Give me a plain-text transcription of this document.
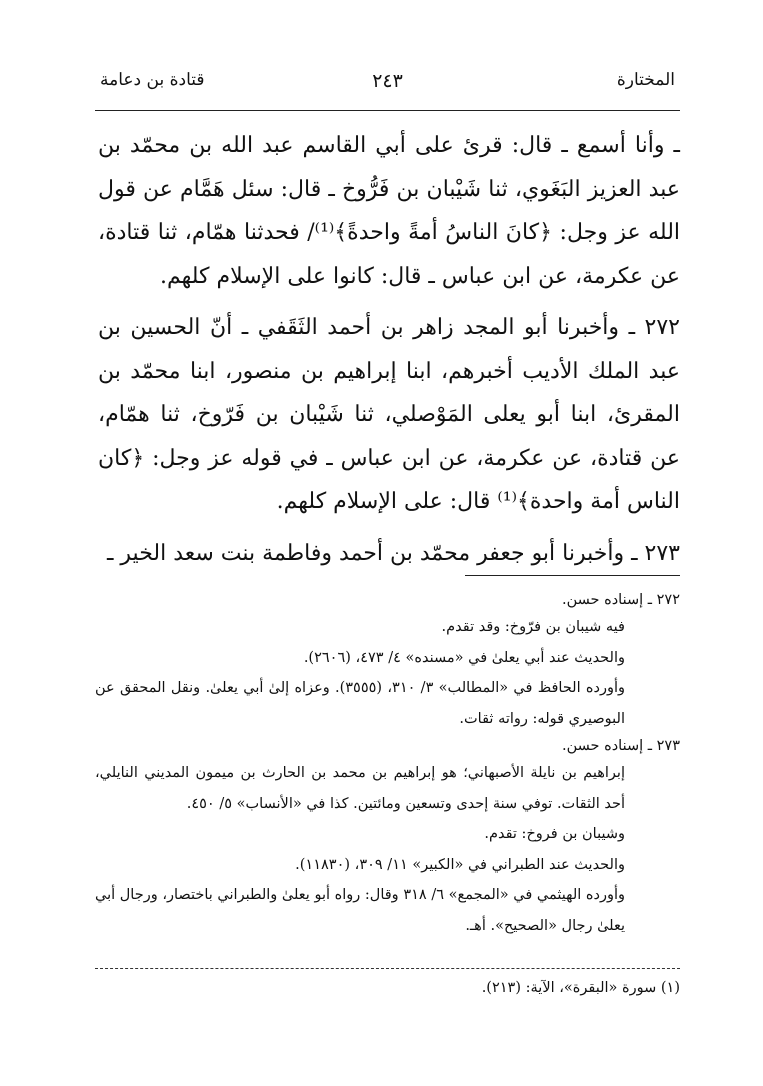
المختارة
٢٤٣
قتادة بن دعامة

ـ وأنا أسمع ـ قال: قرئ على أبي القاسم عبد الله بن محمّد بن عبد العزيز البَغَوي، ثنا شَيْبان بن فَرُّوخ ـ قال: سئل هَمَّام عن قول الله عز وجل: ﴿كانَ الناسُ أمةً واحدةً﴾⁽¹⁾/ فحدثنا همّام، ثنا قتادة، عن عكرمة، عن ابن عباس ـ قال: كانوا على الإسلام كلهم.

٢٧٢ ـ وأخبرنا أبو المجد زاهر بن أحمد الثَقَفي ـ أنّ الحسين بن عبد الملك الأديب أخبرهم، ابنا إبراهيم بن منصور، ابنا محمّد بن المقرئ، ابنا أبو يعلى المَوْصلي، ثنا شَيْبان بن فَرّوخ، ثنا همّام، عن قتادة، عن عكرمة، عن ابن عباس ـ في قوله عز وجل: ﴿كان الناس أمة واحدة﴾⁽¹⁾ قال: على الإسلام كلهم.

٢٧٣ ـ وأخبرنا أبو جعفر محمّد بن أحمد وفاطمة بنت سعد الخير ـ

٢٧٢ ـ إسناده حسن.
فيه شيبان بن فرّوخ: وقد تقدم.
والحديث عند أبي يعلىٰ في «مسنده» ٤/ ٤٧٣، (٢٦٠٦).
وأورده الحافظ في «المطالب» ٣/ ٣١٠، (٣٥٥٥). وعزاه إلىٰ أبي يعلىٰ. ونقل المحقق عن البوصيري قوله: رواته ثقات.
٢٧٣ ـ إسناده حسن.
إبراهيم بن نايلة الأصبهاني؛ هو إبراهيم بن محمد بن الحارث بن ميمون المديني النايلي، أحد الثقات. توفي سنة إحدى وتسعين ومائتين. كذا في «الأنساب» ٥/ ٤٥٠.
وشيبان بن فروخ: تقدم.
والحديث عند الطبراني في «الكبير» ١١/ ٣٠٩، (١١٨٣٠).
وأورده الهيثمي في «المجمع» ٦/ ٣١٨ وقال: رواه أبو يعلىٰ والطبراني باختصار، ورجال أبي يعلىٰ رجال «الصحيح». أهـ.
(١) سورة «البقرة»، الآية: (٢١٣).
